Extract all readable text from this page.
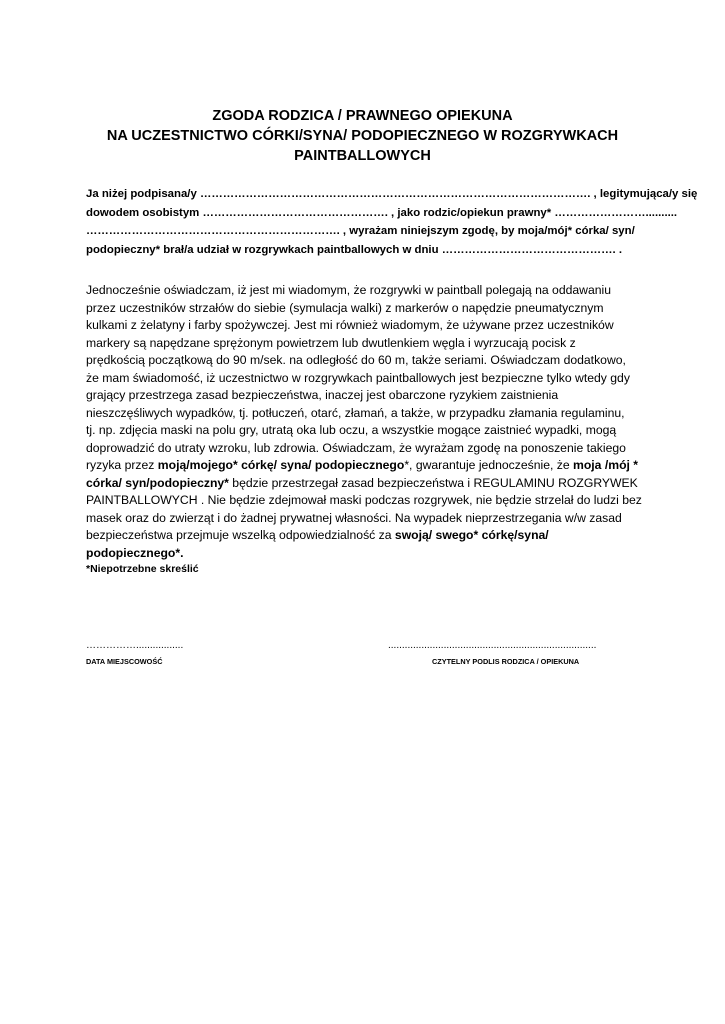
ZGODA RODZICA / PRAWNEGO OPIEKUNA
NA UCZESTNICTWO CÓRKI/SYNA/ PODOPIECZNEGO W ROZGRYWKACH
PAINTBALLOWYCH
Ja niżej podpisana/y …………………………………………………………………………………………. , legitymująca/y się
dowodem osobistym …………………………………………. , jako rodzic/opiekun prawny* ……………………..........
…………………………………………………………. , wyrażam niniejszym zgodę, by moja/mój* córka/ syn/
podopieczny* brał/a udział w rozgrywkach paintballowych w dniu ………………………………………. .
Jednocześnie oświadczam, iż jest mi wiadomym, że rozgrywki w paintball polegają na oddawaniu
przez uczestników strzałów do siebie (symulacja walki) z markerów o napędzie pneumatycznym
kulkami z żelatyny i farby spożywczej. Jest mi również wiadomym, że używane przez uczestników
markery są napędzane sprężonym powietrzem lub dwutlenkiem węgla i wyrzucają pocisk z
prędkością początkową do 90 m/sek. na odległość do 60 m, także seriami. Oświadczam dodatkowo,
że mam świadomość, iż uczestnictwo w rozgrywkach paintballowych jest bezpieczne tylko wtedy gdy
grający przestrzega zasad bezpieczeństwa, inaczej jest obarczone ryzykiem zaistnienia
nieszczęśliwych wypadków, tj. potłuczeń, otarć, złamań, a także, w przypadku złamania regulaminu,
tj. np. zdjęcia maski na polu gry, utratą oka lub oczu, a wszystkie mogące zaistnieć wypadki, mogą
doprowadzić do utraty wzroku, lub zdrowia. Oświadczam, że wyrażam zgodę na ponoszenie takiego
ryzyka przez moją/mojego* córkę/ syna/ podopiecznego*, gwarantuje jednocześnie, że moja /mój *
córka/ syn/podopieczny* będzie przestrzegał zasad bezpieczeństwa i REGULAMINU ROZGRYWEK
PAINTBALLOWYCH . Nie będzie zdejmował maski podczas rozgrywek, nie będzie strzelał do ludzi bez
masek oraz do zwierząt i do żadnej prywatnej własności. Na wypadek nieprzestrzegania w/w zasad
bezpieczeństwa przejmuje wszelką odpowiedzialność za swoją/ swego* córkę/syna/
podopiecznego*.
*Niepotrzebne skreślić
…………….................
DATA MIEJSCOWOŚĆ
...........................................................................
CZYTELNY PODLIS RODZICA / OPIEKUNA
